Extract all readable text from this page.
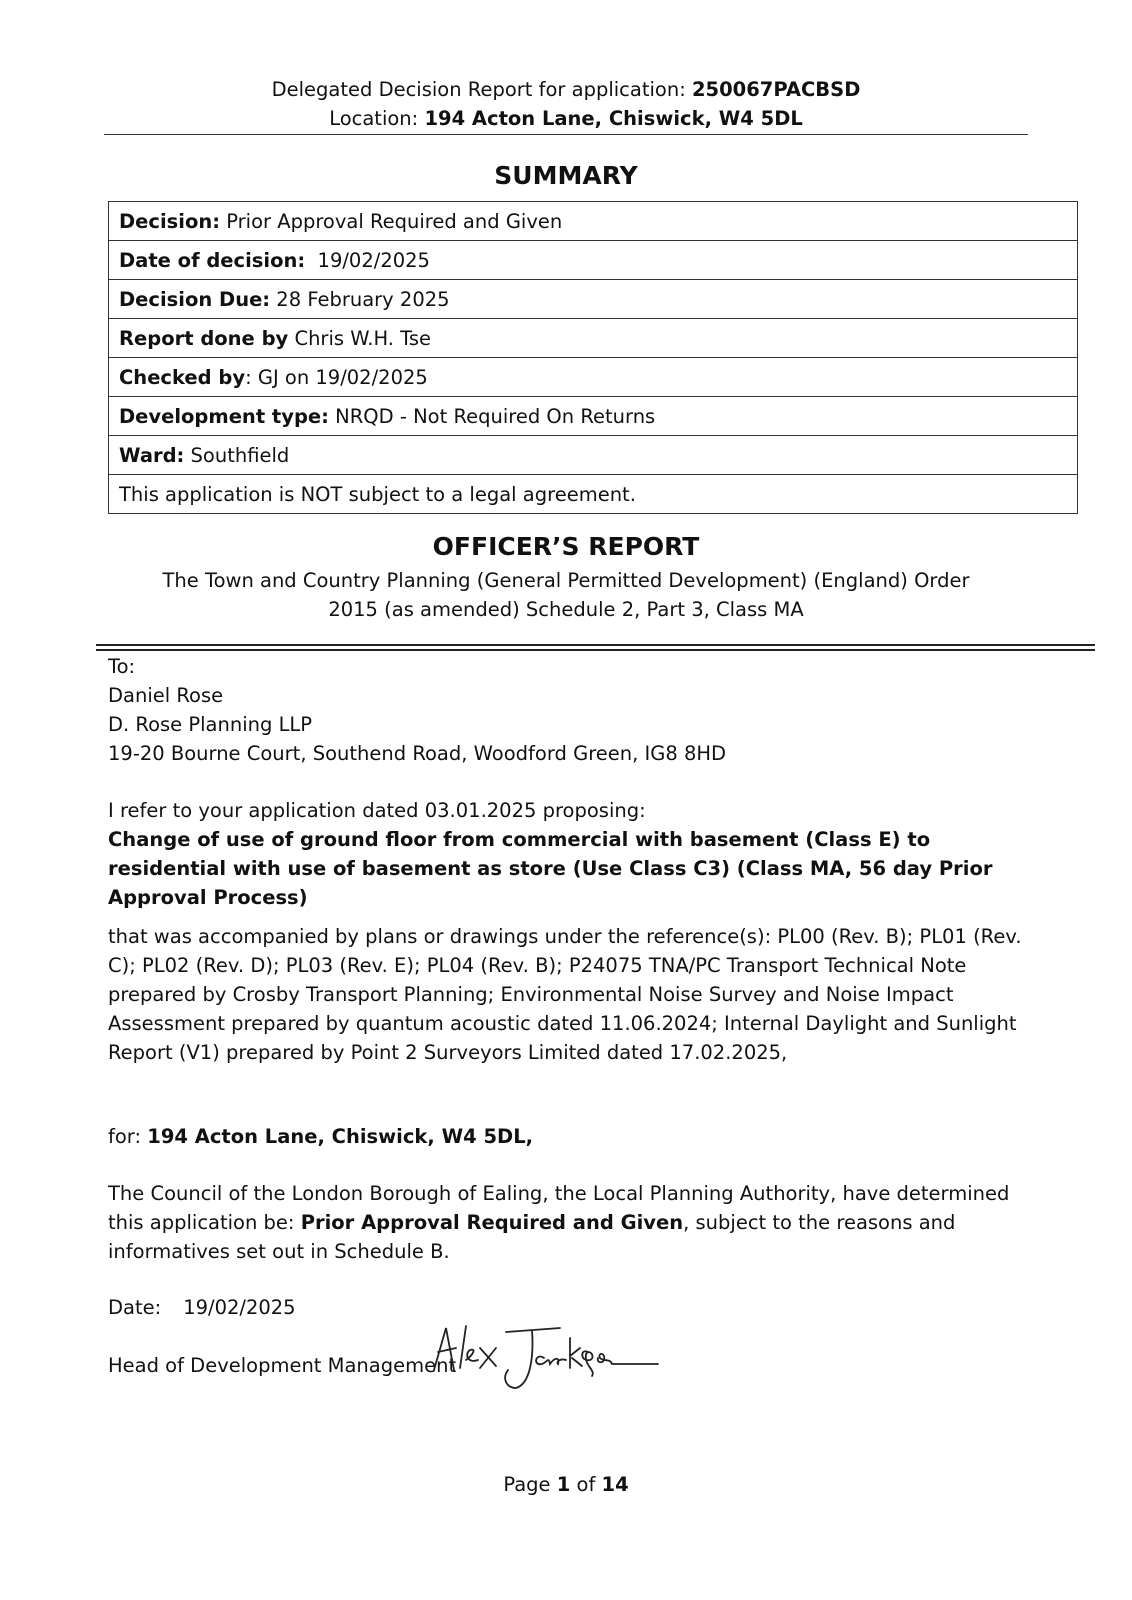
Delegated Decision Report for application: 250067PACBSD
Location: 194 Acton Lane, Chiswick, W4 5DL
SUMMARY
Decision: Prior Approval Required and Given
Date of decision:  19/02/2025
Decision Due: 28 February 2025
Report done by Chris W.H. Tse
Checked by: GJ on 19/02/2025
Development type: NRQD - Not Required On Returns
Ward: Southfield
This application is NOT subject to a legal agreement.
OFFICER’S REPORT
The Town and Country Planning (General Permitted Development) (England) Order
2015 (as amended) Schedule 2, Part 3, Class MA

To:

Daniel Rose

D. Rose Planning LLP

19-20 Bourne Court, Southend Road, Woodford Green, IG8 8HD

I refer to your application dated 03.01.2025 proposing:

Change of use of ground floor from commercial with basement (Class E) to residential with use of basement as store (Use Class C3) (Class MA, 56 day Prior Approval Process)

that was accompanied by plans or drawings under the reference(s): PL00 (Rev. B); PL01 (Rev. C); PL02 (Rev. D); PL03 (Rev. E); PL04 (Rev. B); P24075 TNA/PC Transport Technical Note prepared by Crosby Transport Planning; Environmental Noise Survey and Noise Impact Assessment prepared by quantum acoustic dated 11.06.2024; Internal Daylight and Sunlight Report (V1) prepared by Point 2 Surveyors Limited dated 17.02.2025,

for: 194 Acton Lane, Chiswick, W4 5DL,
The Council of the London Borough of Ealing, the Local Planning Authority, have determined this application be: Prior Approval Required and Given, subject to the reasons and informatives set out in Schedule B.
Date: 19/02/2025
Head of Development Management
Page 1 of 14
